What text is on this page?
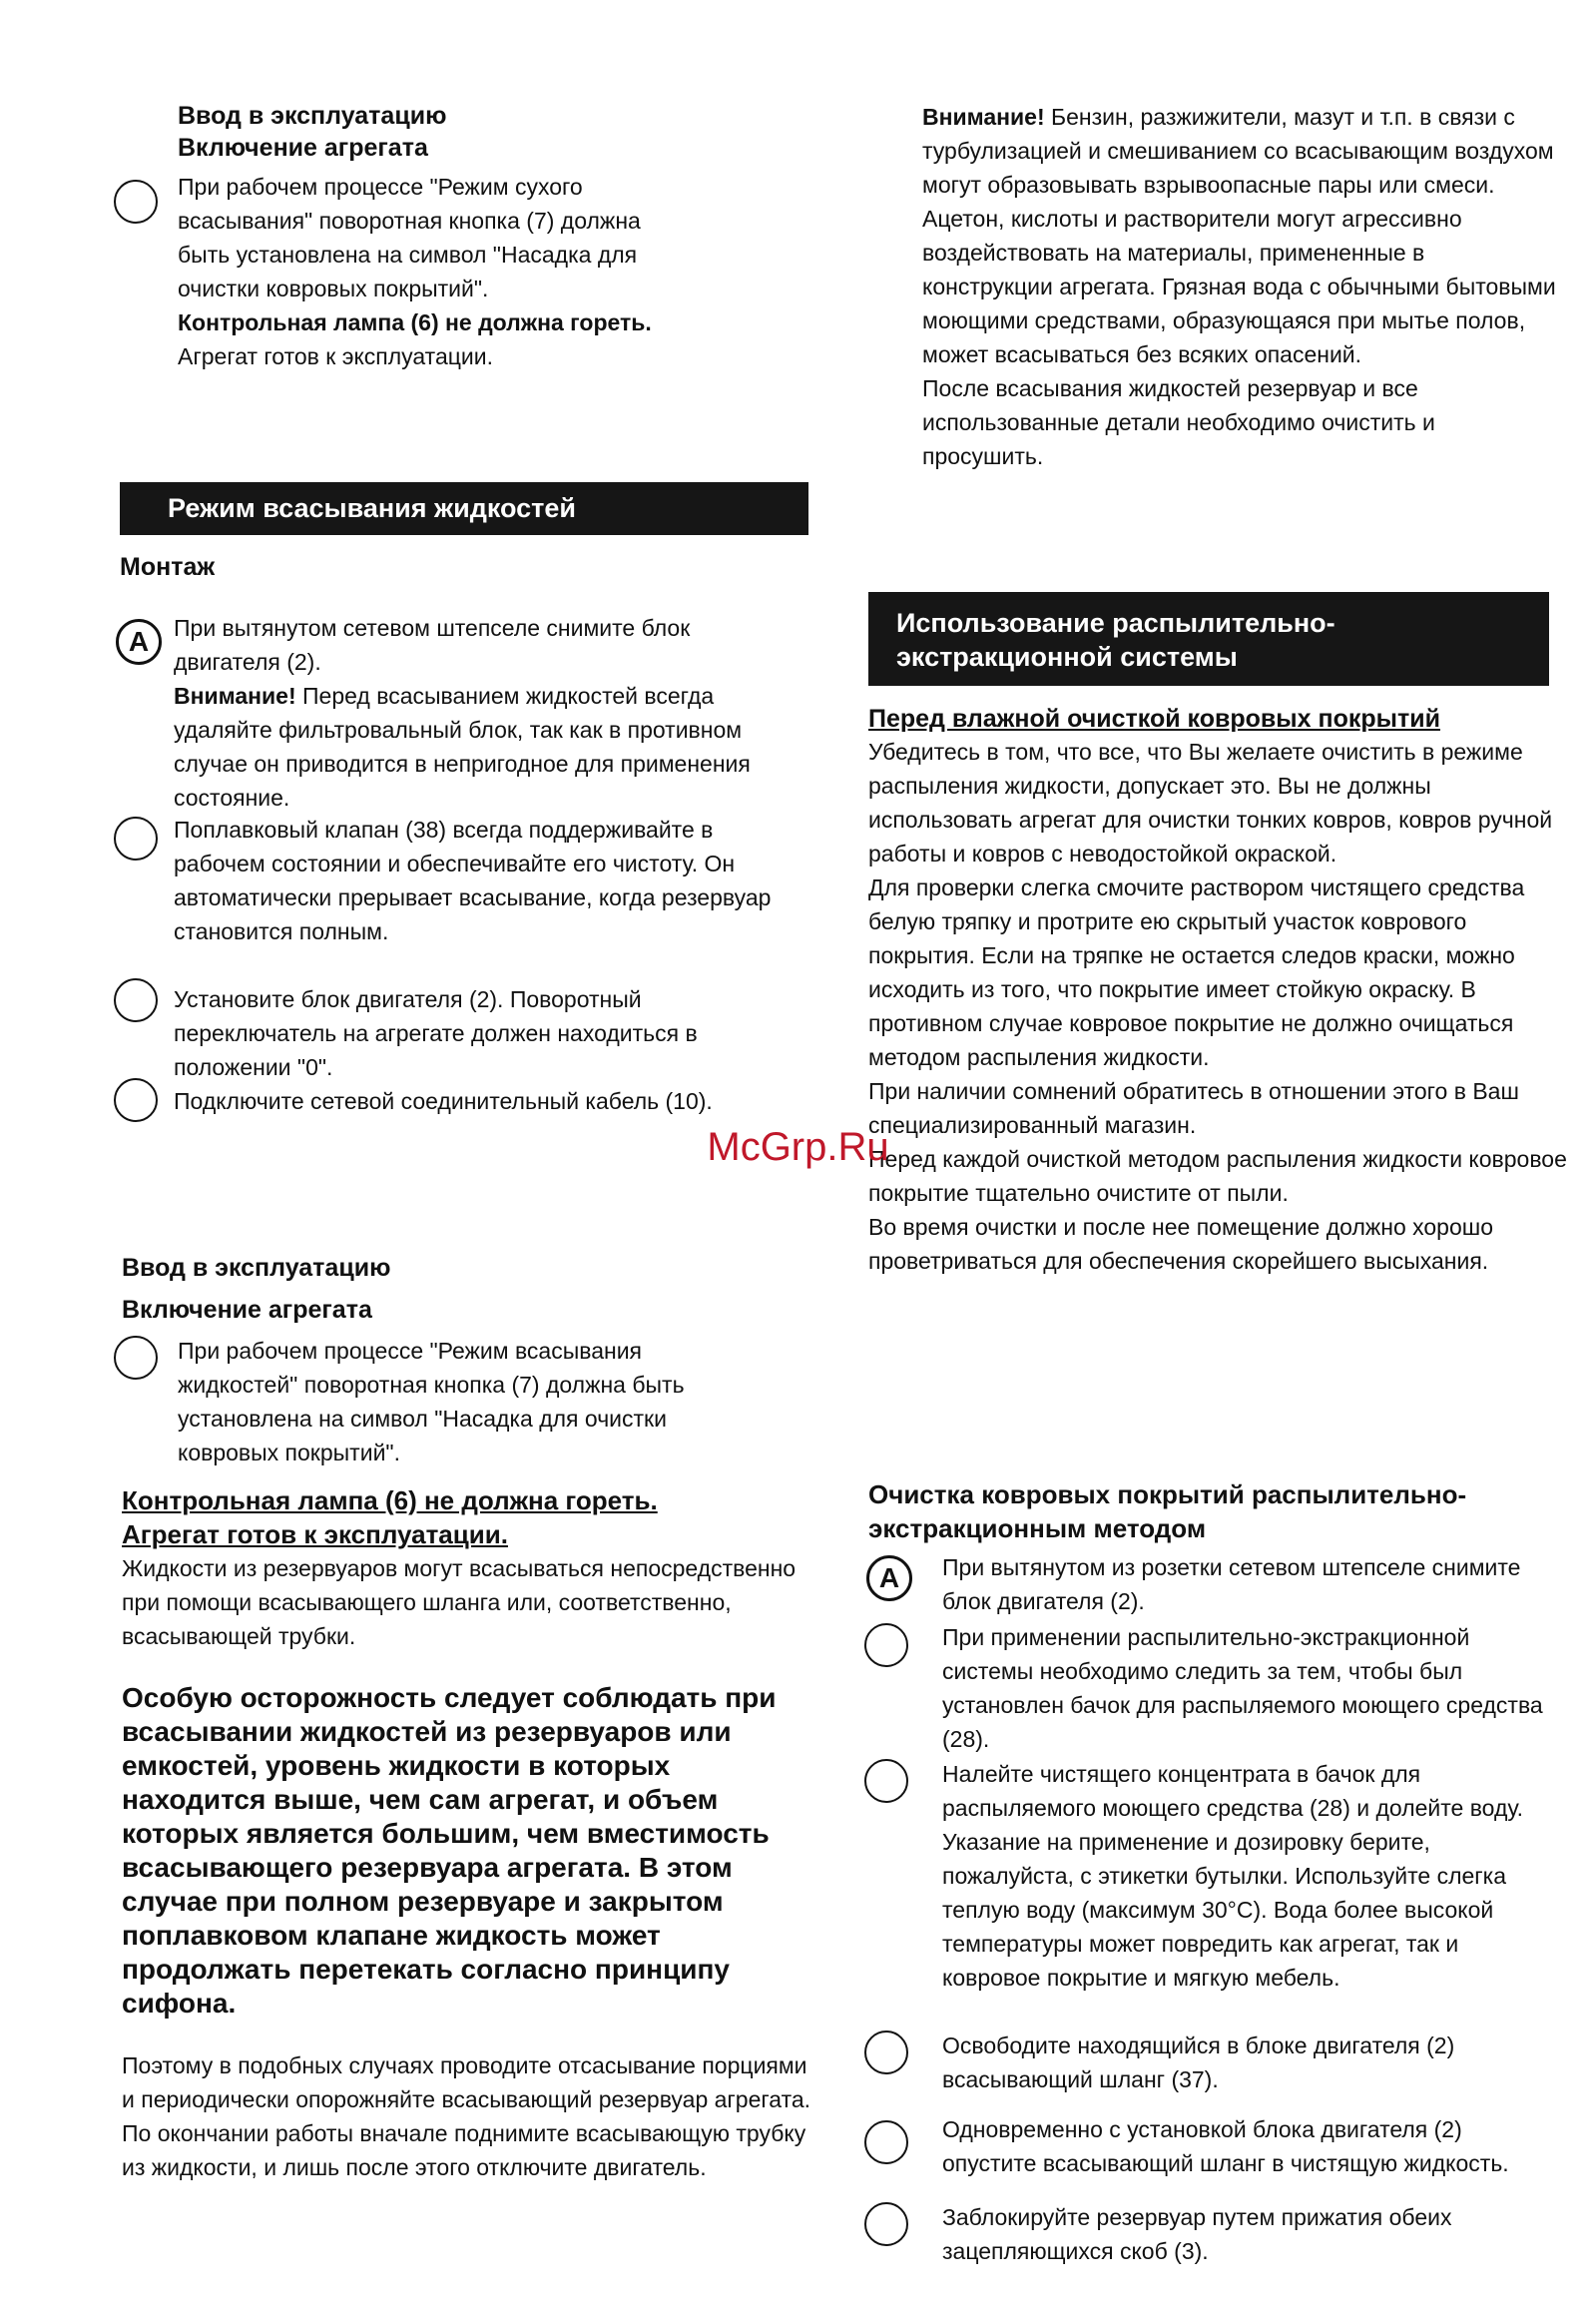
Ввод в эксплуатацию

Включение агрегата

При рабочем процессе "Режим сухого всасывания" поворотная кнопка (7) должна быть установлена на символ "Насадка для очистки ковровых покрытий".

Контрольная лампа (6) не должна гореть.

Агрегат готов к эксплуатации.

Режим всасывания жидкостей

Монтаж

A	При вытянутом сетевом штепселе снимите блок двигателя (2).

Внимание! Перед всасыванием жидкостей всегда удаляйте фильтровальный блок, так как в противном случае он приводится в непригодное для применения состояние.

Поплавковый клапан (38) всегда поддерживайте в рабочем состоянии и обеспечивайте его чистоту. Он автоматически прерывает всасывание, когда резервуар становится полным.

Установите блок двигателя (2). Поворотный переключатель на агрегате должен находиться в положении "0".

Подключите сетевой соединительный кабель (10).

Ввод в эксплуатацию

Включение агрегата

При рабочем процессе "Режим всасывания жидкостей" поворотная кнопка (7) должна быть установлена на символ "Насадка для очистки ковровых покрытий".

Контрольная лампа (6) не должна гореть.

Агрегат готов к эксплуатации.

Жидкости из резервуаров могут всасываться непосредственно при помощи всасывающего шланга или, соответственно, всасывающей трубки.

Особую осторожность следует соблюдать при всасывании жидкостей из резервуаров или емкостей, уровень жидкости в которых находится выше, чем сам агрегат, и объем которых является большим, чем вместимость всасывающего резервуара агрегата. В этом случае при полном резервуаре и закрытом поплавковом клапане жидкость может продолжать перетекать согласно принципу сифона.

Поэтому в подобных случаях проводите отсасывание порциями и периодически опорожняйте всасывающий резервуар агрегата. По окончании работы вначале поднимите всасывающую трубку из жидкости, и лишь после этого отключите двигатель.

Внимание! Бензин, разжижители, мазут и т.п. в связи с турбулизацией и смешиванием со всасывающим воздухом могут образовывать взрывоопасные пары или смеси.

Ацетон, кислоты и растворители могут агрессивно воздействовать на материалы, примененные в конструкции агрегата. Грязная вода с обычными бытовыми моющими средствами, образующаяся при мытье полов, может всасываться без всяких опасений.

После всасывания жидкостей резервуар и все использованные детали необходимо очистить и просушить.

Использование распылительно-экстракционной системы

Перед влажной очисткой ковровых покрытий

Убедитесь в том, что все, что Вы желаете очистить в режиме распыления жидкости, допускает это. Вы не должны использовать агрегат для очистки тонких ковров, ковров ручной работы и ковров с неводостойкой окраской.

Для проверки слегка смочите раствором чистящего средства белую тряпку и протрите ею скрытый участок коврового покрытия. Если на тряпке не остается следов краски, можно исходить из того, что покрытие имеет стойкую окраску. В противном случае ковровое покрытие не должно очищаться методом распыления жидкости.

При наличии сомнений обратитесь в отношении этого в Ваш специализированный магазин.

Перед каждой очисткой методом распыления жидкости ковровое покрытие тщательно очистите от пыли.

Во время очистки и после нее помещение должно хорошо проветриваться для обеспечения скорейшего высыхания.

Очистка ковровых покрытий распылительно-экстракционным методом

A	При вытянутом из розетки сетевом штепселе снимите блок двигателя (2).

При применении распылительно-экстракционной системы необходимо следить за тем, чтобы был установлен бачок для распыляемого моющего средства (28).

Налейте чистящего концентрата в бачок для распыляемого моющего средства (28) и долейте воду. Указание на применение и дозировку берите, пожалуйста, с этикетки бутылки. Используйте слегка теплую воду (максимум 30°C). Вода более высокой температуры может повредить как агрегат, так и ковровое покрытие и мягкую мебель.

Освободите находящийся в блоке двигателя (2) всасывающий шланг (37).

Одновременно с установкой блока двигателя (2) опустите всасывающий шланг в чистящую жидкость.

Заблокируйте резервуар путем прижатия обеих зацепляющихся скоб (3).

McGrp.Ru
